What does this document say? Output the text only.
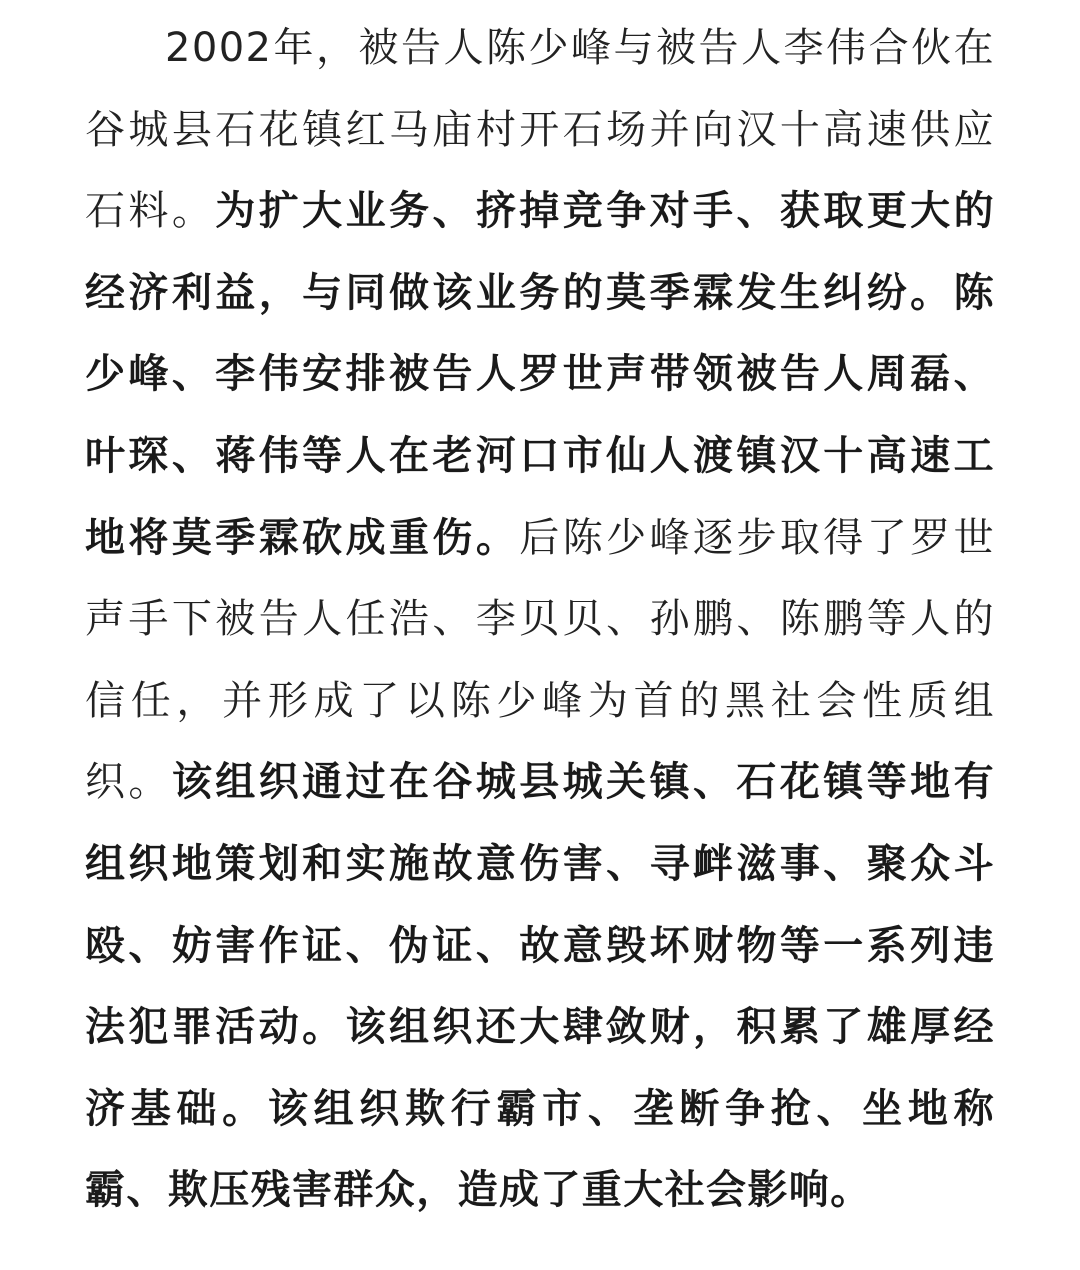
2002年，被告人陈少峰与被告人李伟合伙在谷城县石花镇红马庙村开石场并向汉十高速供应石料。为扩大业务、挤掉竞争对手、获取更大的经济利益，与同做该业务的莫季霖发生纠纷。陈少峰、李伟安排被告人罗世声带领被告人周磊、叶琛、蒋伟等人在老河口市仙人渡镇汉十高速工地将莫季霖砍成重伤。后陈少峰逐步取得了罗世声手下被告人任浩、李贝贝、孙鹏、陈鹏等人的信任，并形成了以陈少峰为首的黑社会性质组织。该组织通过在谷城县城关镇、石花镇等地有组织地策划和实施故意伤害、寻衅滋事、聚众斗殴、妨害作证、伪证、故意毁坏财物等一系列违法犯罪活动。该组织还大肆敛财，积累了雄厚经济基础。该组织欺行霸市、垄断争抢、坐地称霸、欺压残害群众，造成了重大社会影响。
